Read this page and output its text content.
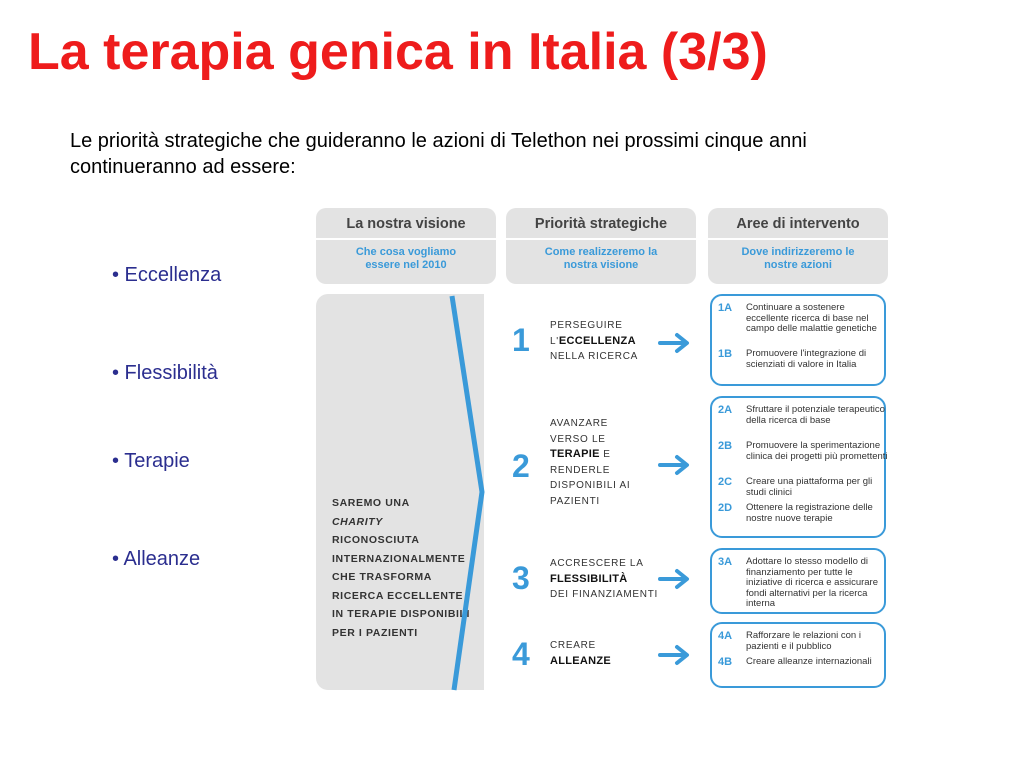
La terapia genica in Italia (3/3)
Le priorità strategiche che guideranno le azioni di Telethon nei prossimi cinque anni continueranno ad essere:
• Eccellenza
• Flessibilità
• Terapie
• Alleanze
La nostra visione
Che cosa vogliamo essere nel 2010
Priorità strategiche
Come realizzeremo la nostra visione
Aree di intervento
Dove indirizzeremo le nostre azioni
SAREMO UNA
CHARITY
RICONOSCIUTA INTERNAZIONALMENTE CHE TRASFORMA RICERCA ECCELLENTE IN TERAPIE DISPONIBILI PER I PAZIENTI
1 PERSEGUIRE L'ECCELLENZA
NELLA RICERCA
2
AVANZARE VERSO LE TERAPIE E RENDERLE DISPONIBILI AI PAZIENTI
3 ACCRESCERE LA FLESSIBILITÀ
DEI FINANZIAMENTI
4 CREARE
ALLEANZE
1A Continuare a sostenere eccellente ricerca di base nel campo delle malattie genetiche
1B Promuovere l'integrazione di scienziati di valore in Italia
2A Sfruttare il potenziale terapeutico della ricerca di base
2B Promuovere la sperimentazione clinica dei progetti più promettenti
2C Creare una piattaforma per gli studi clinici
2D Ottenere la registrazione delle nostre nuove terapie
3A Adottare lo stesso modello di finanziamento per tutte le iniziative di ricerca e assicurare fondi alternativi per la ricerca interna
4A Rafforzare le relazioni con i pazienti e il pubblico
4B Creare alleanze internazionali
